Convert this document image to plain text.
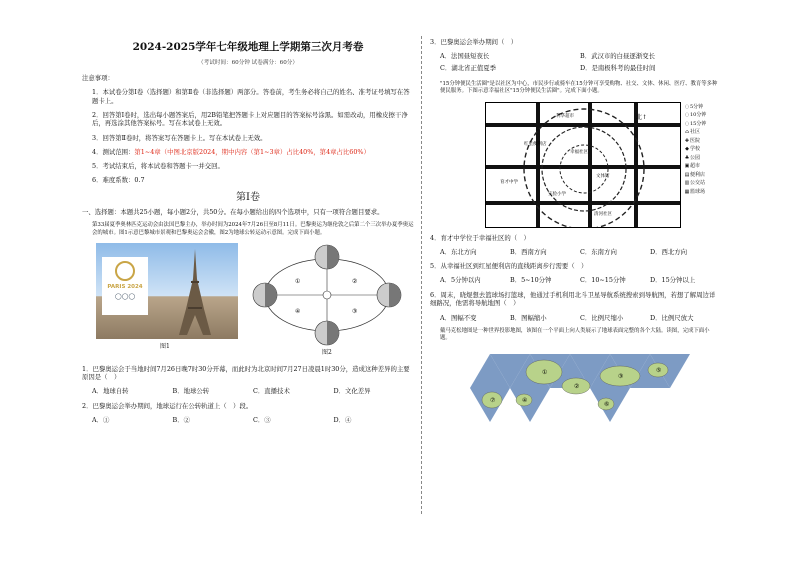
2024-2025学年七年级地理上学期第三次月考卷
（考试时间：60分钟 试卷满分：60分）
注意事项：
1．本试卷分第Ⅰ卷（选择题）和第Ⅱ卷（非选择题）两部分。答卷前，考生务必将自己的姓名、准考证号填写在答题卡上。
2．回答第Ⅰ卷时，选出每小题答案后，用2B铅笔把答题卡上对应题目的答案标号涂黑。如需改动，用橡皮擦干净后，再选涂其他答案标号。写在本试卷上无效。
3．回答第Ⅱ卷时，将答案写在答题卡上。写在本试卷上无效。
4．测试范围：第1~4章（中图北京版2024，期中内容（第1~3章）占比40%，第4章占比60%）
5．考试结束后，将本试卷和答题卡一并交回。
6．难度系数：0.7
第Ⅰ卷
一、选择题：本题共25小题，每小题2分，共50分。在每小题给出的四个选项中，只有一项符合题目要求。
第33届夏季奥林匹克运动会由法国巴黎主办，举办时间为2024年7月26日至8月11日。巴黎奥运为继伦敦之后第二个三次举办夏季奥运会的城市。图1示意巴黎城市景观和巴黎奥运会会徽，图2为地球公转运动示意图。完成下面小题。
PARIS 2024
◯◯◯
图1
①	②
③
④
图2
1．巴黎奥运会于当地时间7月26日晚7时30分开幕，而此时为北京时间7月27日凌晨1时30分，造成这种差异的主要原因是（　）
A．地球自转	B．地球公转	C．直播技术	D．文化差异
2．巴黎奥运会举办期间，地球运行在公转轨道上（　）段。
A．①	B．②	C．③	D．④
3．巴黎奥运会举办期间（　）
A．法国昼短夜长	B．武汉市的白昼逐渐变长
C．湖北省正值夏季	D．是南极科考的最佳时间
"15分钟便民生活圈"是以社区为中心，市民步行或骑车在15分钟可享受购物、社交、文体、休闲、医疗、教育等多种便民服务。下图示意幸福社区"15分钟便民生活圈"。完成下面小题。
利华超市
幸福社区
红星便利店
育才中学
文体馆
实验小学
清河社区
北↑
◌5分钟
◌10分钟
◌15分钟
⌂社区
✚医院
◆学校
♣公园
▣超市
▤便利店
▥公交站
▦篮球场
4．育才中学位于幸福社区的（　）
A．东北方向	B．西南方向	C．东南方向	D．西北方向
5．从幸福社区到红星便利店的直线距离步行需要（　）
A．5分钟以内	B．5~10分钟	C．10~15分钟	D．15分钟以上
6．周末，晓煜想去篮球场打篮球，他通过手机利用北斗卫星导航系统搜索到导航图，若想了解周边详细路况，他需将导航地图（　）
A．图幅不变	B．图幅缩小	C．比例尺缩小	D．比例尺放大
戴马克松地图是一种世界投影地图，该图在一个平面上向人类展示了地球表面完整的各个大陆。读图，完成下面小题。
①
②
③
④
⑤
⑥
⑦
